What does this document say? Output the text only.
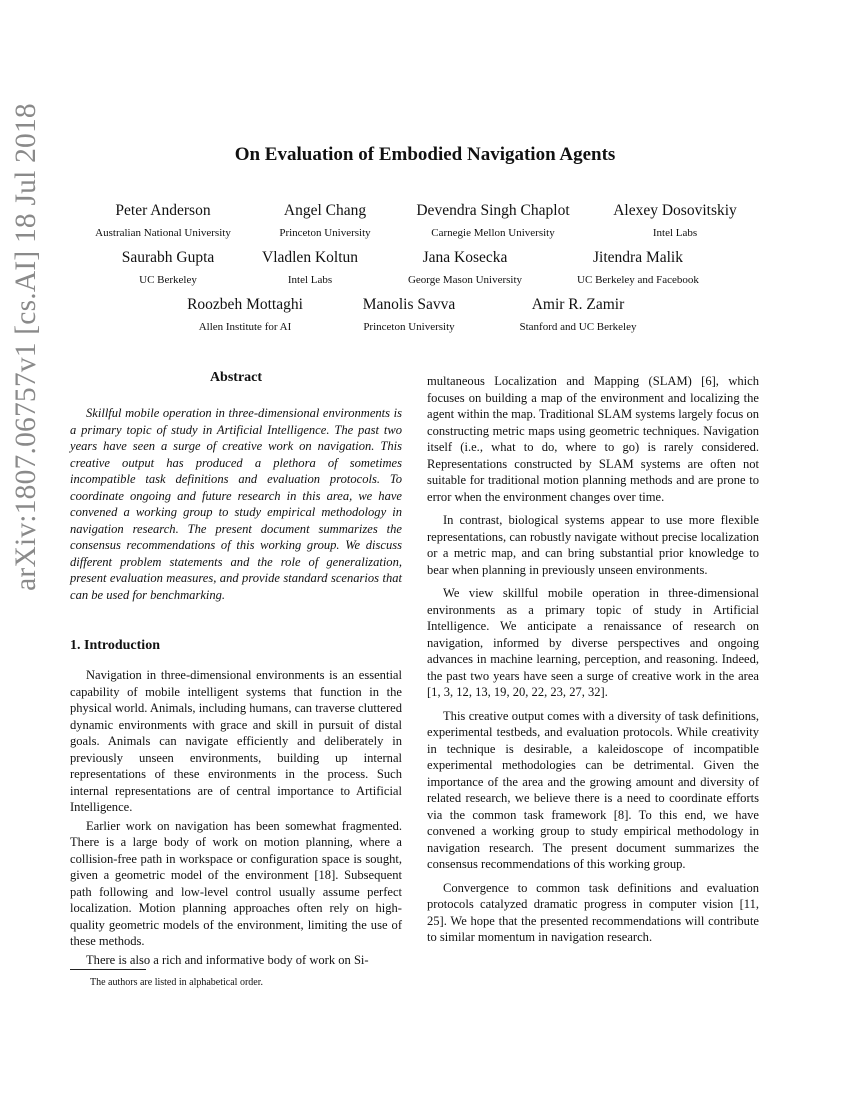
arXiv:1807.06757v1 [cs.AI] 18 Jul 2018	On Evaluation of Embodied Navigation Agents
Peter Anderson
Australian National University
Angel Chang
Princeton University
Devendra Singh Chaplot
Carnegie Mellon University
Alexey Dosovitskiy
Intel Labs
Saurabh Gupta
UC Berkeley
Vladlen Koltun
Intel Labs
Jana Kosecka
George Mason University
Jitendra Malik
UC Berkeley and Facebook
Roozbeh Mottaghi
Allen Institute for AI
Manolis Savva
Princeton University
Amir R. Zamir
Stanford and UC Berkeley
Abstract

Skillful mobile operation in three-dimensional environments is a primary topic of study in Artificial Intelligence. The past two years have seen a surge of creative work on navigation. This creative output has produced a plethora of sometimes incompatible task definitions and evaluation protocols. To coordinate ongoing and future research in this area, we have convened a working group to study empirical methodology in navigation research. The present document summarizes the consensus recommendations of this working group. We discuss different problem statements and the role of generalization, present evaluation measures, and provide standard scenarios that can be used for benchmarking.

1. Introduction

Navigation in three-dimensional environments is an essential capability of mobile intelligent systems that function in the physical world. Animals, including humans, can traverse cluttered dynamic environments with grace and skill in pursuit of distal goals. Animals can navigate efficiently and deliberately in previously unseen environments, building up internal representations of these environments in the process. Such internal representations are of central importance to Artificial Intelligence.

Earlier work on navigation has been somewhat fragmented. There is a large body of work on motion planning, where a collision-free path in workspace or configuration space is sought, given a geometric model of the environment [18]. Subsequent path following and low-level control usually assume perfect localization. Motion planning approaches often rely on high-quality geometric models of the environment, limiting the use of these methods.

There is also a rich and informative body of work on Si-

The authors are listed in alphabetical order.

multaneous Localization and Mapping (SLAM) [6], which focuses on building a map of the environment and localizing the agent within the map. Traditional SLAM systems largely focus on constructing metric maps using geometric techniques. Navigation itself (i.e., what to do, where to go) is rarely considered. Representations constructed by SLAM systems are often not suitable for traditional motion planning methods and are prone to error when the environment changes over time.

In contrast, biological systems appear to use more flexible representations, can robustly navigate without precise localization or a metric map, and can bring substantial prior knowledge to bear when planning in previously unseen environments.

We view skillful mobile operation in three-dimensional environments as a primary topic of study in Artificial Intelligence. We anticipate a renaissance of research on navigation, informed by diverse perspectives and ongoing advances in machine learning, perception, and reasoning. Indeed, the past two years have seen a surge of creative work in the area [1, 3, 12, 13, 19, 20, 22, 23, 27, 32].

This creative output comes with a diversity of task definitions, experimental testbeds, and evaluation protocols. While creativity in technique is desirable, a kaleidoscope of incompatible experimental methodologies can be detrimental. Given the importance of the area and the growing amount and diversity of related research, we believe there is a need to coordinate efforts via the common task framework [8]. To this end, we have convened a working group to study empirical methodology in navigation research. The present document summarizes the consensus recommendations of this working group.

Convergence to common task definitions and evaluation protocols catalyzed dramatic progress in computer vision [11, 25]. We hope that the presented recommendations will contribute to similar momentum in navigation research.
